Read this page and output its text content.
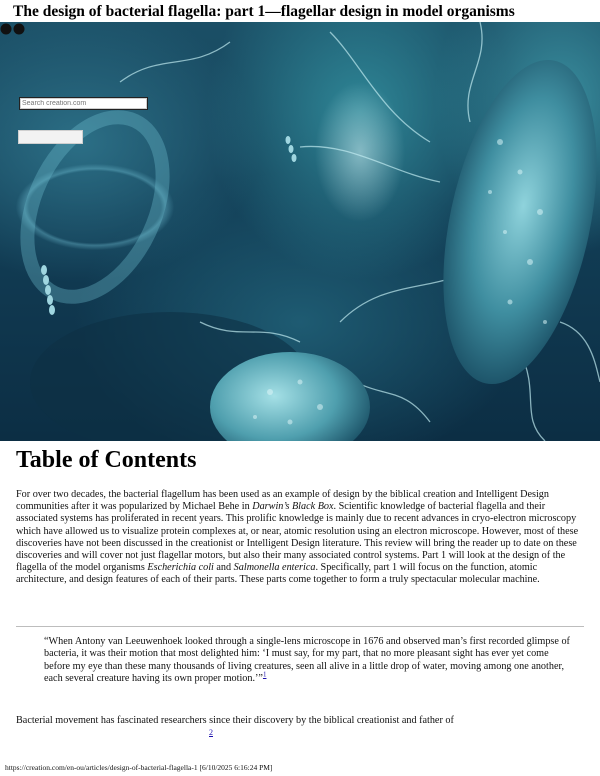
The design of bacterial flagella: part 1—flagellar design in model organisms
Search creation.com
Table of Contents

For over two decades, the bacterial flagellum has been used as an example of design by the biblical creation and Intelligent Design communities after it was popularized by Michael Behe in Darwin’s Black Box. Scientific knowledge of bacterial flagella and their associated systems has proliferated in recent years. This prolific knowledge is mainly due to recent advances in cryo-electron microscopy which have allowed us to visualize protein complexes at, or near, atomic resolution using an electron microscope. However, most of these discoveries have not been discussed in the creationist or Intelligent Design literature. This review will bring the reader up to date on these discoveries and will cover not just flagellar motors, but also their many associated control systems. Part 1 will look at the design of the flagella of the model organisms Escherichia coli and Salmonella enterica. Specifically, part 1 will focus on the function, atomic architecture, and design features of each of their parts. These parts come together to form a truly spectacular molecular machine.

“When Antony van Leeuwenhoek looked through a single-lens microscope in 1676 and observed man’s first recorded glimpse of bacteria, it was their motion that most delighted him: ‘I must say, for my part, that no more pleasant sight has ever yet come before my eye than these many thousands of living creatures, seen all alive in a little drop of water, moving among one another, each several creature having its own proper motion.’”$^1$

Bacterial movement has fascinated researchers since their discovery by the biblical creationist and father of

2
https://creation.com/en-ou/articles/design-of-bacterial-flagella-1 [6/10/2025 6:16:24 PM]
